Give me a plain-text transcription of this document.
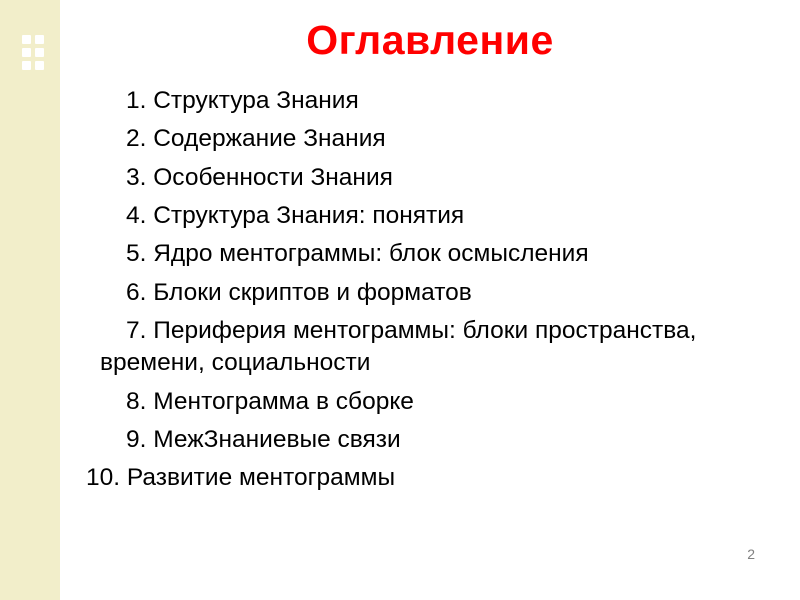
Оглавление
1. Структура Знания
2. Содержание Знания
3. Особенности Знания
4. Структура Знания: понятия
5. Ядро ментограммы: блок осмысления
6. Блоки скриптов и форматов
7. Периферия ментограммы: блоки пространства, времени, социальности
8. Ментограмма в сборке
9. МежЗнаниевые связи
10. Развитие ментограммы
2
